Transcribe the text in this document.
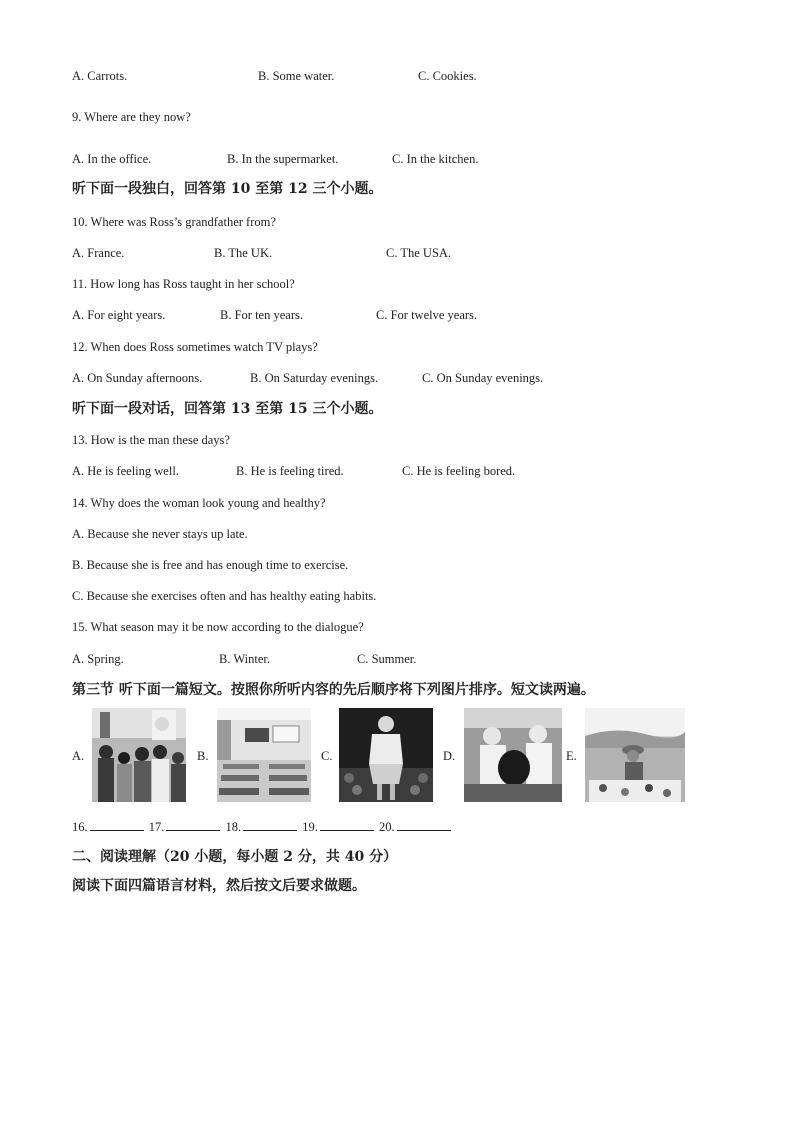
A. Carrots.	B. Some water.	C. Cookies.
9. Where are they now?
A. In the office.	B. In the supermarket.	C. In the kitchen.
听下面一段独白，回答第 10 至第 12 三个小题。
10. Where was Ross’s grandfather from?
A. France.	B. The UK.	C. The USA.
11. How long has Ross taught in her school?
A. For eight years.	B. For ten years.	C. For twelve years.
12. When does Ross sometimes watch TV plays?
A. On Sunday afternoons.	B. On Saturday evenings.	C. On Sunday evenings.
听下面一段对话，回答第 13 至第 15 三个小题。
13. How is the man these days?
A. He is feeling well.	B. He is feeling tired.	C. He is feeling bored.
14. Why does the woman look young and healthy?
A. Because she never stays up late.
B. Because she is free and has enough time to exercise.
C. Because she exercises often and has healthy eating habits.
15. What season may it be now according to the dialogue?
A. Spring.	B. Winter.	C. Summer.
第三节 听下面一篇短文。按照你所听内容的先后顺序将下列图片排序。短文读两遍。
A.	B.	C.	D.	E.
16.	17.	18.	19.	20.
二、阅读理解（20 小题，每小题 2 分，共 40 分）
阅读下面四篇语言材料，然后按文后要求做题。
